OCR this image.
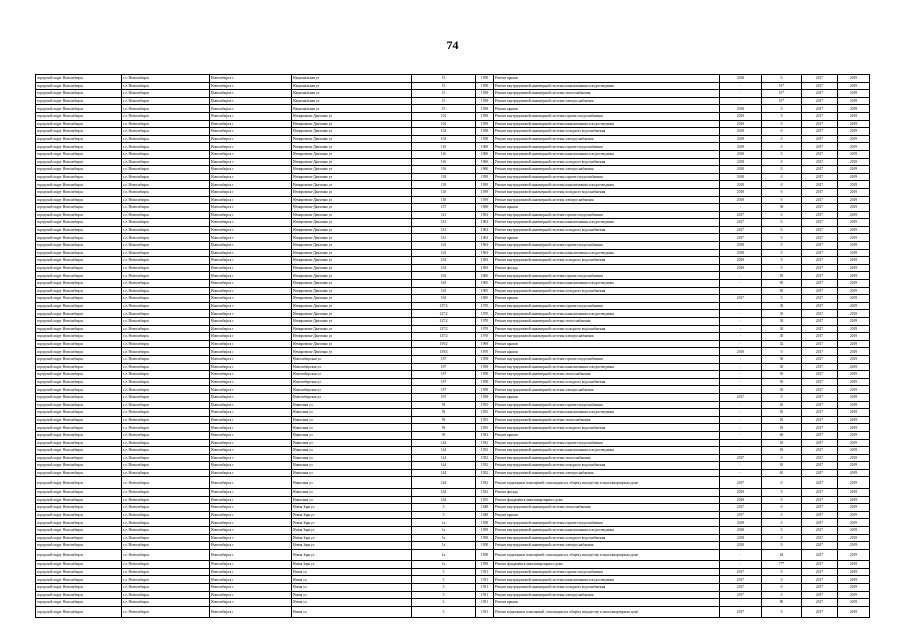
74
городской округ Новосибирск	г.о. Новосибирск	Новосибирск г	Национальная ул	15	1958	Ремонт крыши	2018	0	2017	2019
городской округ Новосибирск	г.о. Новосибирск	Новосибирск г	Национальная ул	15	1958	Ремонт внутридомовой инженерной системы канализования и водоотведения	-	51*	2017	2019
городской округ Новосибирск	г.о. Новосибирск	Новосибирск г	Национальная ул	15	1958	Ремонт внутридомовой инженерной системы теплоснабжения	-	51*	2017	2019
городской округ Новосибирск	г.о. Новосибирск	Новосибирск г	Национальная ул	15	1958	Ремонт внутридомовой инженерной системы электроснабжения	-	51*	2017	2019
городской округ Новосибирск	г.о. Новосибирск	Новосибирск г	Национальная ул	15	1958	Ремонт крыши	2018	0	2017	2019
городской округ Новосибирск	г.о. Новосибирск	Новосибирск г	Немировича-Данченко ул	102	1958	Ремонт внутридомовой инженерной системы горячего водоснабжения	2018	0	2017	2019
городской округ Новосибирск	г.о. Новосибирск	Новосибирск г	Немировича-Данченко ул	102	1958	Ремонт внутридомовой инженерной системы канализования и водоотведения	2018	0	2017	2019
городской округ Новосибирск	г.о. Новосибирск	Новосибирск г	Немировича-Данченко ул	102	1958	Ремонт внутридомовой инженерной системы холодного водоснабжения	2018	0	2017	2019
городской округ Новосибирск	г.о. Новосибирск	Новосибирск г	Немировича-Данченко ул	102	1958	Ремонт внутридомовой инженерной системы электроснабжения	2018	0	2017	2019
городской округ Новосибирск	г.о. Новосибирск	Новосибирск г	Немировича-Данченко ул	116	1960	Ремонт внутридомовой инженерной системы горячего водоснабжения	2018	0	2017	2019
городской округ Новосибирск	г.о. Новосибирск	Новосибирск г	Немировича-Данченко ул	116	1960	Ремонт внутридомовой инженерной системы канализования и водоотведения	2018	0	2017	2019
городской округ Новосибирск	г.о. Новосибирск	Новосибирск г	Немировича-Данченко ул	116	1960	Ремонт внутридомовой инженерной системы холодного водоснабжения	2018	0	2017	2019
городской округ Новосибирск	г.о. Новосибирск	Новосибирск г	Немировича-Данченко ул	116	1960	Ремонт внутридомовой инженерной системы электроснабжения	2018	0	2017	2019
городской округ Новосибирск	г.о. Новосибирск	Новосибирск г	Немировича-Данченко ул	118	1959	Ремонт внутридомовой инженерной системы горячего водоснабжения	2018	0	2017	2019
городской округ Новосибирск	г.о. Новосибирск	Новосибирск г	Немировича-Данченко ул	118	1959	Ремонт внутридомовой инженерной системы канализования и водоотведения	2018	0	2017	2019
городской округ Новосибирск	г.о. Новосибирск	Новосибирск г	Немировича-Данченко ул	118	1959	Ремонт внутридомовой инженерной системы холодного водоснабжения	2018	0	2017	2019
городской округ Новосибирск	г.о. Новосибирск	Новосибирск г	Немировича-Данченко ул	118	1959	Ремонт внутридомовой инженерной системы электроснабжения	2018	0	2017	2019
городской округ Новосибирск	г.о. Новосибирск	Новосибирск г	Немировича-Данченко ул	137	1960	Ремонт крыши	-	30	2017	2019
городской округ Новосибирск	г.о. Новосибирск	Новосибирск г	Немировича-Данченко ул	141	1963	Ремонт внутридомовой инженерной системы горячего водоснабжения	2017	0	2017	2019
городской округ Новосибирск	г.о. Новосибирск	Новосибирск г	Немировича-Данченко ул	141	1963	Ремонт внутридомовой инженерной системы канализования и водоотведения	2017	0	2017	2019
городской округ Новосибирск	г.о. Новосибирск	Новосибирск г	Немировича-Данченко ул	141	1963	Ремонт внутридомовой инженерной системы холодного водоснабжения	2017	0	2017	2019
городской округ Новосибирск	г.о. Новосибирск	Новосибирск г	Немировича-Данченко ул	141	1963	Ремонт крыши	2017	0	2017	2019
городской округ Новосибирск	г.о. Новосибирск	Новосибирск г	Немировича-Данченко ул	143	1963	Ремонт внутридомовой инженерной системы горячего водоснабжения	2018	0	2017	2019
городской округ Новосибирск	г.о. Новосибирск	Новосибирск г	Немировича-Данченко ул	143	1963	Ремонт внутридомовой инженерной системы канализования и водоотведения	2018	0	2017	2019
городской округ Новосибирск	г.о. Новосибирск	Новосибирск г	Немировича-Данченко ул	143	1963	Ремонт внутридомовой инженерной системы холодного водоснабжения	2018	0	2017	2019
городской округ Новосибирск	г.о. Новосибирск	Новосибирск г	Немировича-Данченко ул	143	1963	Ремонт фасада	2018	0	2017	2019
городской округ Новосибирск	г.о. Новосибирск	Новосибирск г	Немировича-Данченко ул	163	1965	Ремонт внутридомовой инженерной системы горячего водоснабжения	-	85	2017	2019
городской округ Новосибирск	г.о. Новосибирск	Новосибирск г	Немировича-Данченко ул	163	1965	Ремонт внутридомовой инженерной системы канализования и водоотведения	-	85	2017	2019
городской округ Новосибирск	г.о. Новосибирск	Новосибирск г	Немировича-Данченко ул	163	1965	Ремонт внутридомовой инженерной системы холодного водоснабжения	-	85	2017	2019
городской округ Новосибирск	г.о. Новосибирск	Новосибирск г	Немировича-Данченко ул	163	1965	Ремонт крыши	2017	0	2017	2019
городской округ Новосибирск	г.о. Новосибирск	Новосибирск г	Немировича-Данченко ул	137/2	1970	Ремонт внутридомовой инженерной системы горячего водоснабжения	-	30	2017	2019
городской округ Новосибирск	г.о. Новосибирск	Новосибирск г	Немировича-Данченко ул	137/2	1970	Ремонт внутридомовой инженерной системы канализования и водоотведения	-	35	2017	2019
городской округ Новосибирск	г.о. Новосибирск	Новосибирск г	Немировича-Данченко ул	137/2	1970	Ремонт внутридомовой инженерной системы теплоснабжения	-	30	2017	2019
городской округ Новосибирск	г.о. Новосибирск	Новосибирск г	Немировича-Данченко ул	137/2	1970	Ремонт внутридомовой инженерной системы холодного водоснабжения	-	30	2017	2019
городской округ Новосибирск	г.о. Новосибирск	Новосибирск г	Немировича-Данченко ул	137/2	1970	Ремонт внутридомовой инженерной системы электроснабжения	-	30	2017	2019
городской округ Новосибирск	г.о. Новосибирск	Новосибирск г	Немировича-Данченко ул	159/2	1969	Ремонт крыши	-	32	2017	2019
городской округ Новосибирск	г.о. Новосибирск	Новосибирск г	Немировича-Данченко ул	159/3	1970	Ремонт крыши	2018	0	2017	2019
городской округ Новосибирск	г.о. Новосибирск	Новосибирск г	Новосибирская ул	197	1958	Ремонт внутридомовой инженерной системы горячего водоснабжения	-	50	2017	2019
городской округ Новосибирск	г.о. Новосибирск	Новосибирск г	Новосибирская ул	197	1958	Ремонт внутридомовой инженерной системы канализования и водоотведения	-	50	2017	2019
городской округ Новосибирск	г.о. Новосибирск	Новосибирск г	Новосибирская ул	197	1958	Ремонт внутридомовой инженерной системы теплоснабжения	-	50	2017	2019
городской округ Новосибирск	г.о. Новосибирск	Новосибирск г	Новосибирская ул	197	1958	Ремонт внутридомовой инженерной системы холодного водоснабжения	-	50	2017	2019
городской округ Новосибирск	г.о. Новосибирск	Новосибирск г	Новосибирская ул	197	1958	Ремонт внутридомовой инженерной системы электроснабжения	-	50	2017	2019
городской округ Новосибирск	г.о. Новосибирск	Новосибирск г	Новосибирская ул	197	1958	Ремонт крыши	2017	0	2017	2019
городской округ Новосибирск	г.о. Новосибирск	Новосибирск г	Никитина ул	93	1953	Ремонт внутридомовой инженерной системы горячего водоснабжения	-	65	2017	2019
городской округ Новосибирск	г.о. Новосибирск	Новосибирск г	Никитина ул	93	1953	Ремонт внутридомовой инженерной системы канализования и водоотведения	-	65	2017	2019
городской округ Новосибирск	г.о. Новосибирск	Новосибирск г	Никитина ул	93	1953	Ремонт внутридомовой инженерной системы теплоснабжения	-	65	2017	2019
городской округ Новосибирск	г.о. Новосибирск	Новосибирск г	Никитина ул	93	1953	Ремонт внутридомовой инженерной системы холодного водоснабжения	-	65	2017	2019
городской округ Новосибирск	г.о. Новосибирск	Новосибирск г	Никитина ул	93	1953	Ремонт крыши	-	60	2017	2019
городской округ Новосибирск	г.о. Новосибирск	Новосибирск г	Никитина ул	144	1952	Ремонт внутридомовой инженерной системы горячего водоснабжения	-	65	2017	2019
городской округ Новосибирск	г.о. Новосибирск	Новосибирск г	Никитина ул	144	1952	Ремонт внутридомовой инженерной системы канализования и водоотведения	-	65	2017	2019
городской округ Новосибирск	г.о. Новосибирск	Новосибирск г	Никитина ул	144	1952	Ремонт внутридомовой инженерной системы теплоснабжения	2017	0	2017	2019
городской округ Новосибирск	г.о. Новосибирск	Новосибирск г	Никитина ул	144	1952	Ремонт внутридомовой инженерной системы холодного водоснабжения	-	65	2017	2019
городской округ Новосибирск	г.о. Новосибирск	Новосибирск г	Никитина ул	144	1952	Ремонт внутридомовой инженерной системы электроснабжения	-	65	2017	2019
городской округ Новосибирск	г.о. Новосибирск	Новосибирск г	Никитина ул	144	1952	Ремонт подвальных помещений, относящихся к общему имуществу в многоквартирном доме	2017	0	2017	2019
городской округ Новосибирск	г.о. Новосибирск	Новосибирск г	Никитина ул	144	1952	Ремонт фасада	2018	0	2017	2019
городской округ Новосибирск	г.о. Новосибирск	Новосибирск г	Никитина ул	144	1952	Ремонт фундамента многоквартирного дома	2018	0	2017	2019
городской округ Новосибирск	г.о. Новосибирск	Новосибирск г	Новая Заря ул	3	1948	Ремонт внутридомовой инженерной системы теплоснабжения	2017	0	2017	2019
городской округ Новосибирск	г.о. Новосибирск	Новосибирск г	Новая Заря ул	3	1948	Ремонт крыши	2017	0	2017	2019
городской округ Новосибирск	г.о. Новосибирск	Новосибирск г	Новая Заря ул	1а	1958	Ремонт внутридомовой инженерной системы горячего водоснабжения	2018	0	2017	2019
городской округ Новосибирск	г.о. Новосибирск	Новосибирск г	Новая Заря ул	1а	1958	Ремонт внутридомовой инженерной системы канализования и водоотведения	2018	0	2017	2019
городской округ Новосибирск	г.о. Новосибирск	Новосибирск г	Новая Заря ул	1а	1958	Ремонт внутридомовой инженерной системы холодного водоснабжения	2018	0	2017	2019
городской округ Новосибирск	г.о. Новосибирск	Новосибирск г	Новая Заря ул	1а	1958	Ремонт внутридомовой инженерной системы электроснабжения	2018	0	2017	2019
городской округ Новосибирск	г.о. Новосибирск	Новосибирск г	Новая Заря ул	1а	1958	Ремонт подвальных помещений, относящихся к общему имуществу в многоквартирном доме	-	44	2017	2019
городской округ Новосибирск	г.о. Новосибирск	Новосибирск г	Новая Заря ул	1а	1958	Ремонт фундамента многоквартирного дома	-	77*	2017	2019
городской округ Новосибирск	г.о. Новосибирск	Новосибирск г	Новая ул	3	1951	Ремонт внутридомовой инженерной системы горячего водоснабжения	2017	0	2017	2019
городской округ Новосибирск	г.о. Новосибирск	Новосибирск г	Новая ул	3	1951	Ремонт внутридомовой инженерной системы канализования и водоотведения	2017	0	2017	2019
городской округ Новосибирск	г.о. Новосибирск	Новосибирск г	Новая ул	3	1951	Ремонт внутридомовой инженерной системы холодного водоснабжения	2017	0	2017	2019
городской округ Новосибирск	г.о. Новосибирск	Новосибирск г	Новая ул	3	1951	Ремонт внутридомовой инженерной системы электроснабжения	2017	0	2017	2019
городской округ Новосибирск	г.о. Новосибирск	Новосибирск г	Новая ул	3	1951	Ремонт крыши	-	80	2017	2019
городской округ Новосибирск	г.о. Новосибирск	Новосибирск г	Новая ул	3	1951	Ремонт подвальных помещений, относящихся к общему имуществу в многоквартирном доме	2017	0	2017	2019
